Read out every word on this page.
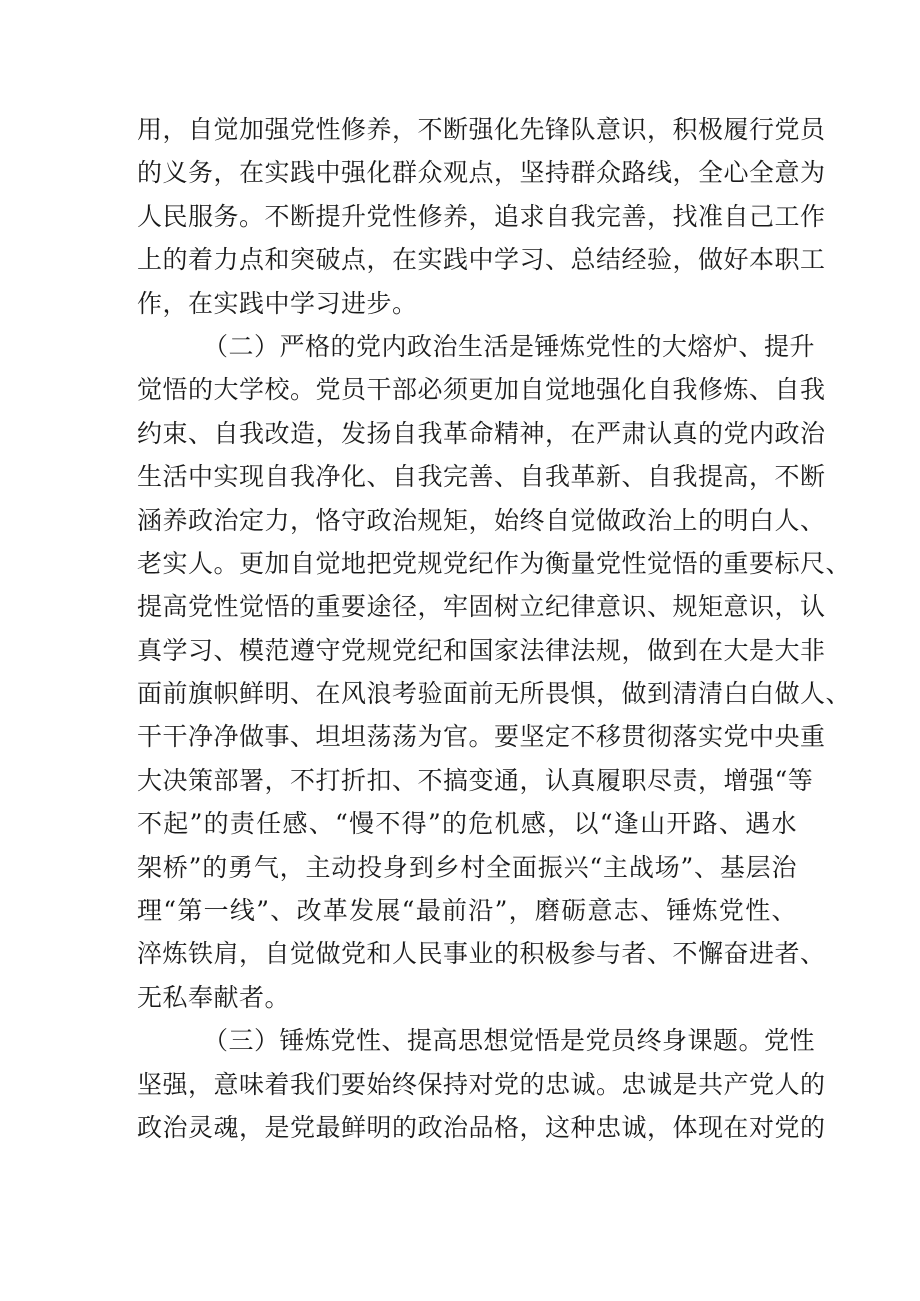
用，自觉加强党性修养，不断强化先锋队意识，积极履行党员
的义务，在实践中强化群众观点，坚持群众路线，全心全意为
人民服务。不断提升党性修养，追求自我完善，找准自己工作
上的着力点和突破点，在实践中学习、总结经验，做好本职工
作，在实践中学习进步。
（二）严格的党内政治生活是锤炼党性的大熔炉、提升
觉悟的大学校。党员干部必须更加自觉地强化自我修炼、自我
约束、自我改造，发扬自我革命精神，在严肃认真的党内政治
生活中实现自我净化、自我完善、自我革新、自我提高，不断
涵养政治定力，恪守政治规矩，始终自觉做政治上的明白人、
老实人。更加自觉地把党规党纪作为衡量党性觉悟的重要标尺、
提高党性觉悟的重要途径，牢固树立纪律意识、规矩意识，认
真学习、模范遵守党规党纪和国家法律法规，做到在大是大非
面前旗帜鲜明、在风浪考验面前无所畏惧，做到清清白白做人、
干干净净做事、坦坦荡荡为官。要坚定不移贯彻落实党中央重
大决策部署，不打折扣、不搞变通，认真履职尽责，增强“等
不起”的责任感、“慢不得”的危机感，以“逢山开路、遇水
架桥”的勇气，主动投身到乡村全面振兴“主战场”、基层治
理“第一线”、改革发展“最前沿”，磨砺意志、锤炼党性、
淬炼铁肩，自觉做党和人民事业的积极参与者、不懈奋进者、
无私奉献者。
（三）锤炼党性、提高思想觉悟是党员终身课题。党性
坚强，意味着我们要始终保持对党的忠诚。忠诚是共产党人的
政治灵魂，是党最鲜明的政治品格，这种忠诚，体现在对党的
